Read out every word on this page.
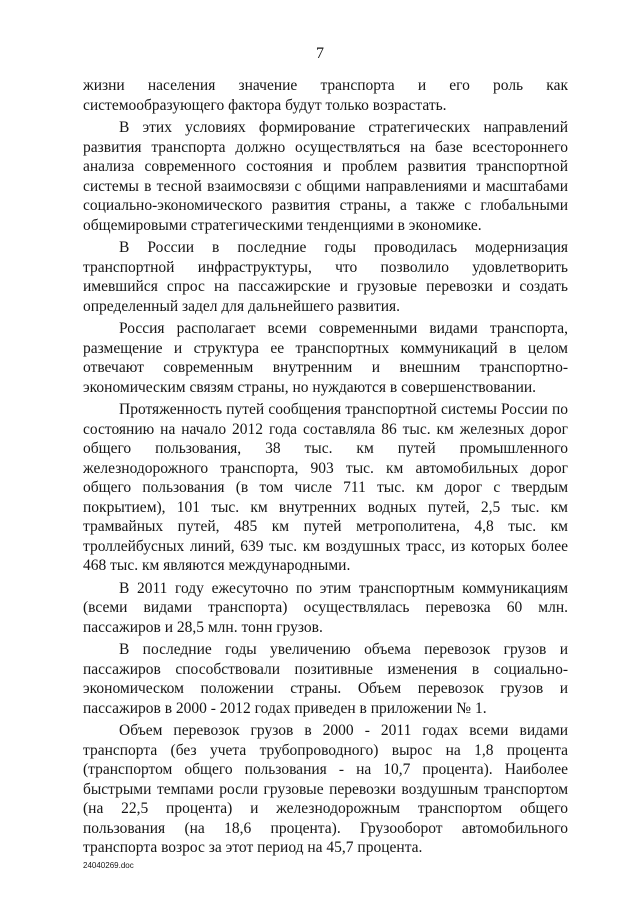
7

жизни населения значение транспорта и его роль как системообразующего фактора будут только возрастать.

В этих условиях формирование стратегических направлений развития транспорта должно осуществляться на базе всестороннего анализа современного состояния и проблем развития транспортной системы в тесной взаимосвязи с общими направлениями и масштабами социально-экономического развития страны, а также с глобальными общемировыми стратегическими тенденциями в экономике.

В России в последние годы проводилась модернизация транспортной инфраструктуры, что позволило удовлетворить имевшийся спрос на пассажирские и грузовые перевозки и создать определенный задел для дальнейшего развития.

Россия располагает всеми современными видами транспорта, размещение и структура ее транспортных коммуникаций в целом отвечают современным внутренним и внешним транспортно-экономическим связям страны, но нуждаются в совершенствовании.

Протяженность путей сообщения транспортной системы России по состоянию на начало 2012 года составляла 86 тыс. км железных дорог общего пользования, 38 тыс. км путей промышленного железнодорожного транспорта, 903 тыс. км автомобильных дорог общего пользования (в том числе 711 тыс. км дорог с твердым покрытием), 101 тыс. км внутренних водных путей, 2,5 тыс. км трамвайных путей, 485 км путей метрополитена, 4,8 тыс. км троллейбусных линий, 639 тыс. км воздушных трасс, из которых более 468 тыс. км являются международными.

В 2011 году ежесуточно по этим транспортным коммуникациям (всеми видами транспорта) осуществлялась перевозка 60 млн. пассажиров и 28,5 млн. тонн грузов.

В последние годы увеличению объема перевозок грузов и пассажиров способствовали позитивные изменения в социально-экономическом положении страны. Объем перевозок грузов и пассажиров в 2000 - 2012 годах приведен в приложении № 1.

Объем перевозок грузов в 2000 - 2011 годах всеми видами транспорта (без учета трубопроводного) вырос на 1,8 процента (транспортом общего пользования - на 10,7 процента). Наиболее быстрыми темпами росли грузовые перевозки воздушным транспортом (на 22,5 процента) и железнодорожным транспортом общего пользования (на 18,6 процента). Грузооборот автомобильного транспорта возрос за этот период на 45,7 процента.

24040269.doc
